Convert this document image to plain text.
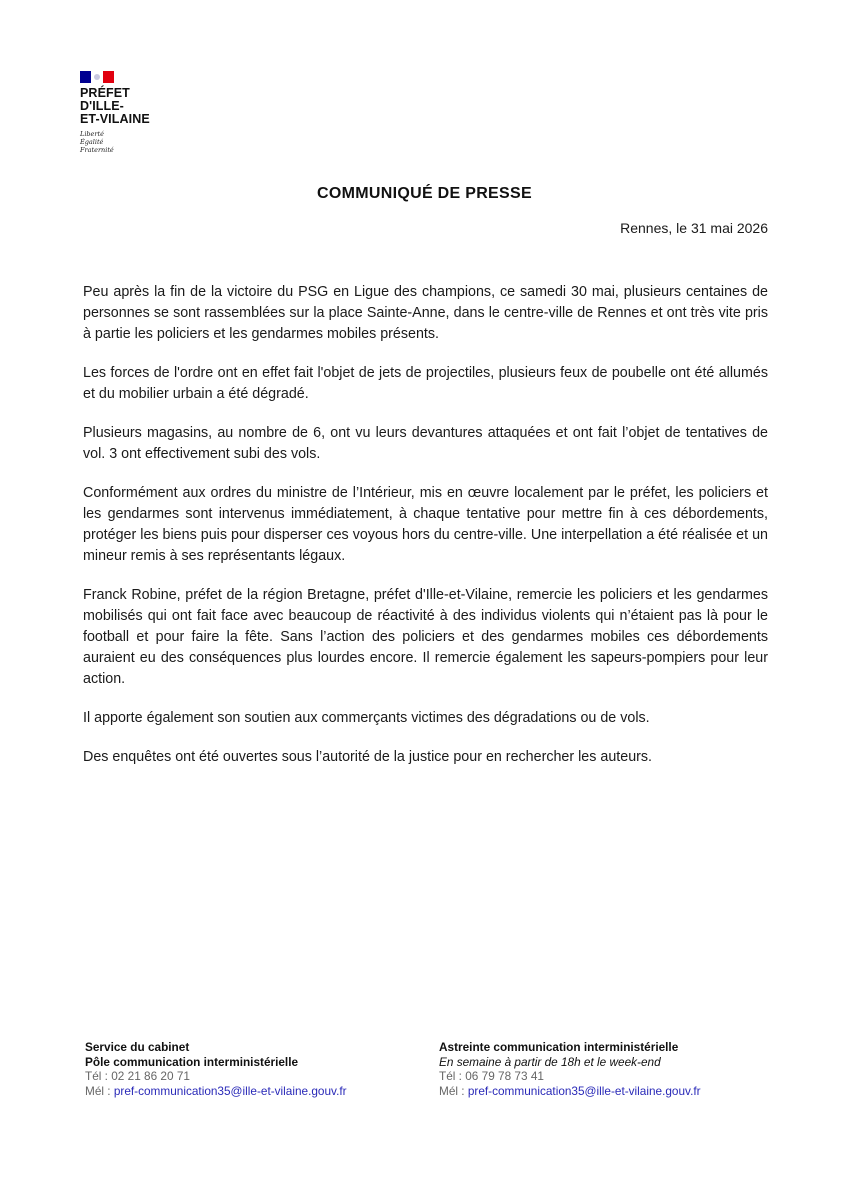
PRÉFET
D'ILLE-
ET-VILAINE
Liberté
Égalité
Fraternité
COMMUNIQUÉ DE PRESSE
Rennes, le 31 mai 2026

Peu après la fin de la victoire du PSG en Ligue des champions, ce samedi 30 mai, plusieurs centaines de personnes se sont rassemblées sur la place Sainte-Anne, dans le centre-ville de Rennes et ont très vite pris à partie les policiers et les gendarmes mobiles présents.

Les forces de l'ordre ont en effet fait l'objet de jets de projectiles, plusieurs feux de poubelle ont été allumés et du mobilier urbain a été dégradé.

Plusieurs magasins, au nombre de 6, ont vu leurs devantures attaquées et ont fait l’objet de tentatives de vol. 3 ont effectivement subi des vols.

Conformément aux ordres du ministre de l’Intérieur, mis en œuvre localement par le préfet, les policiers et les gendarmes sont intervenus immédiatement, à chaque tentative pour mettre fin à ces débordements, protéger les biens puis pour disperser ces voyous hors du centre-ville. Une interpellation a été réalisée et un mineur remis à ses représentants légaux.

Franck Robine, préfet de la région Bretagne, préfet d'Ille-et-Vilaine, remercie les policiers et les gendarmes mobilisés qui ont fait face avec beaucoup de réactivité à des individus violents qui n’étaient pas là pour le football et pour faire la fête. Sans l’action des policiers et des gendarmes mobiles ces débordements auraient eu des conséquences plus lourdes encore. Il remercie également les sapeurs-pompiers pour leur action.

Il apporte également son soutien aux commerçants victimes des dégradations ou de vols.

Des enquêtes ont été ouvertes sous l’autorité de la justice pour en rechercher les auteurs.

Service du cabinet
Pôle communication interministérielle
Tél : 02 21 86 20 71
Mél : pref-communication35@ille-et-vilaine.gouv.fr
Astreinte communication interministérielle
En semaine à partir de 18h et le week-end
Tél : 06 79 78 73 41
Mél : pref-communication35@ille-et-vilaine.gouv.fr
